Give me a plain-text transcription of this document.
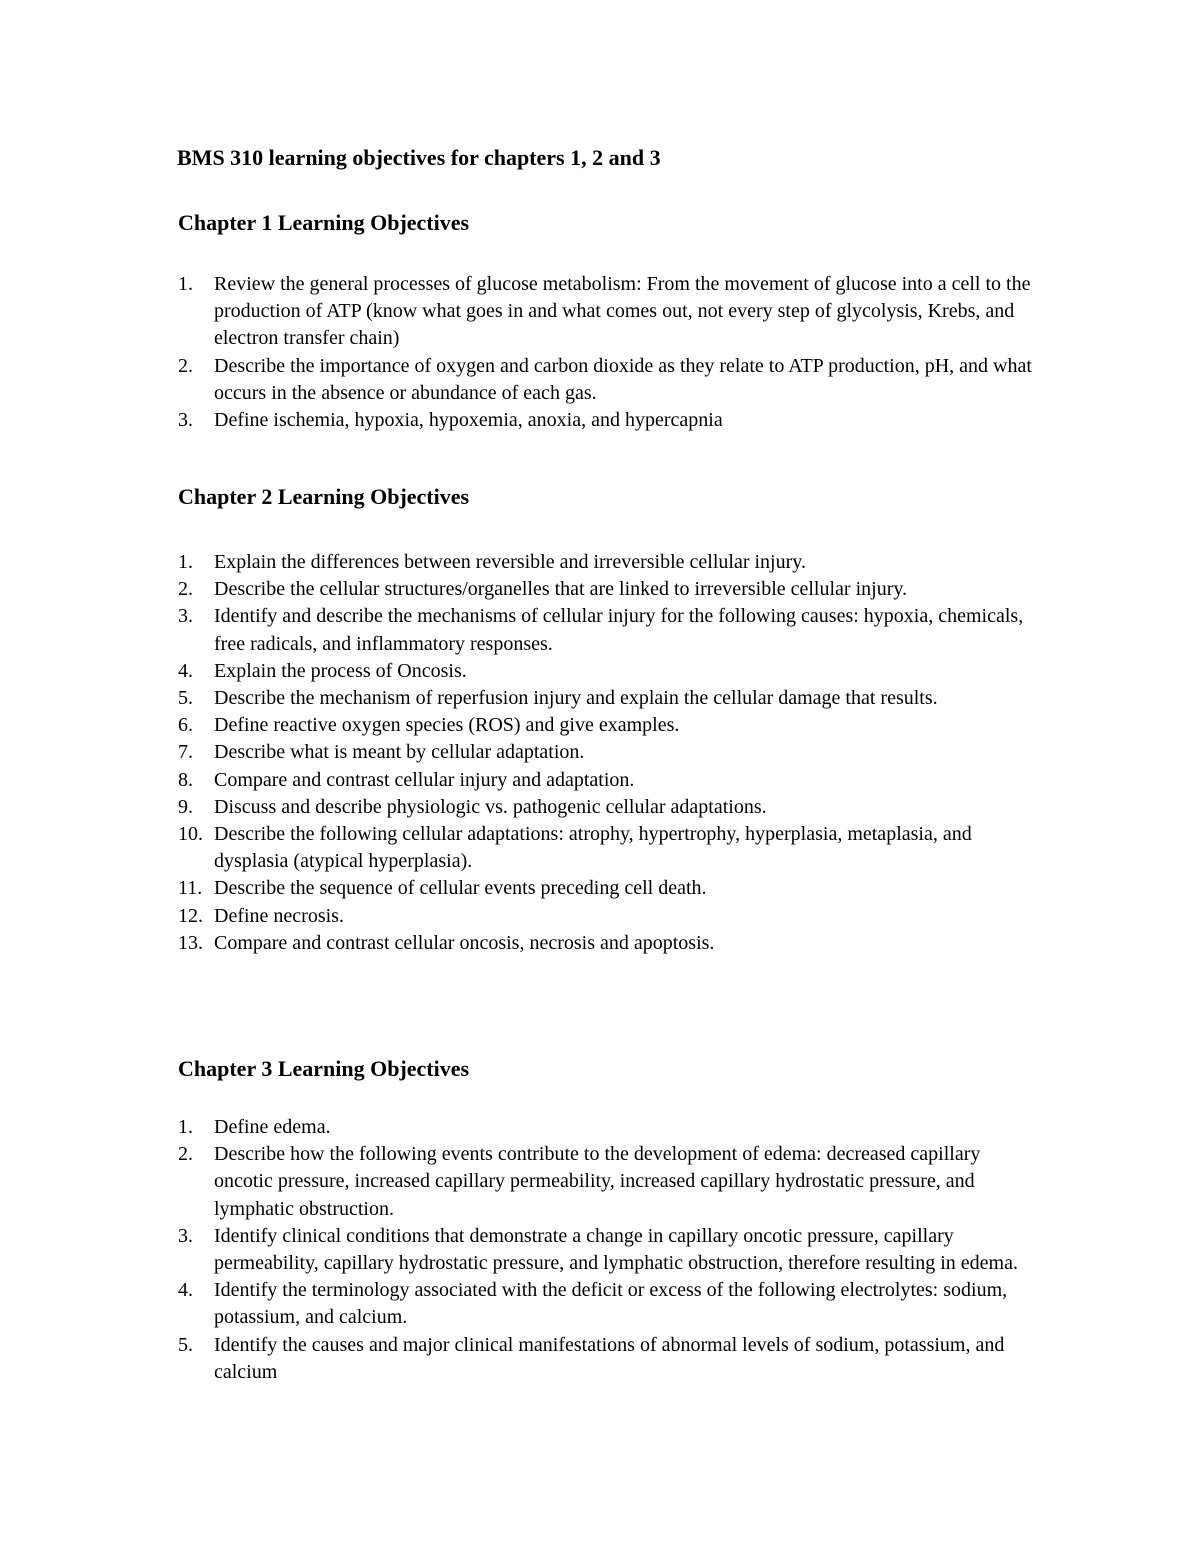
BMS 310 learning objectives for chapters 1, 2 and 3
Chapter 1 Learning Objectives
1. Review the general processes of glucose metabolism: From the movement of glucose into a cell to the production of ATP (know what goes in and what comes out, not every step of glycolysis, Krebs, and electron transfer chain)
2. Describe the importance of oxygen and carbon dioxide as they relate to ATP production, pH, and what occurs in the absence or abundance of each gas.
3. Define ischemia, hypoxia, hypoxemia, anoxia, and hypercapnia
Chapter 2 Learning Objectives
1. Explain the differences between reversible and irreversible cellular injury.
2. Describe the cellular structures/organelles that are linked to irreversible cellular injury.
3. Identify and describe the mechanisms of cellular injury for the following causes: hypoxia, chemicals, free radicals, and inflammatory responses.
4. Explain the process of Oncosis.
5. Describe the mechanism of reperfusion injury and explain the cellular damage that results.
6. Define reactive oxygen species (ROS) and give examples.
7. Describe what is meant by cellular adaptation.
8. Compare and contrast cellular injury and adaptation.
9. Discuss and describe physiologic vs. pathogenic cellular adaptations.
10. Describe the following cellular adaptations: atrophy, hypertrophy, hyperplasia, metaplasia, and dysplasia (atypical hyperplasia).
11. Describe the sequence of cellular events preceding cell death.
12. Define necrosis.
13. Compare and contrast cellular oncosis, necrosis and apoptosis.
Chapter 3 Learning Objectives
1. Define edema.
2. Describe how the following events contribute to the development of edema: decreased capillary oncotic pressure, increased capillary permeability, increased capillary hydrostatic pressure, and lymphatic obstruction.
3. Identify clinical conditions that demonstrate a change in capillary oncotic pressure, capillary permeability, capillary hydrostatic pressure, and lymphatic obstruction, therefore resulting in edema.
4. Identify the terminology associated with the deficit or excess of the following electrolytes: sodium, potassium, and calcium.
5. Identify the causes and major clinical manifestations of abnormal levels of sodium, potassium, and calcium
